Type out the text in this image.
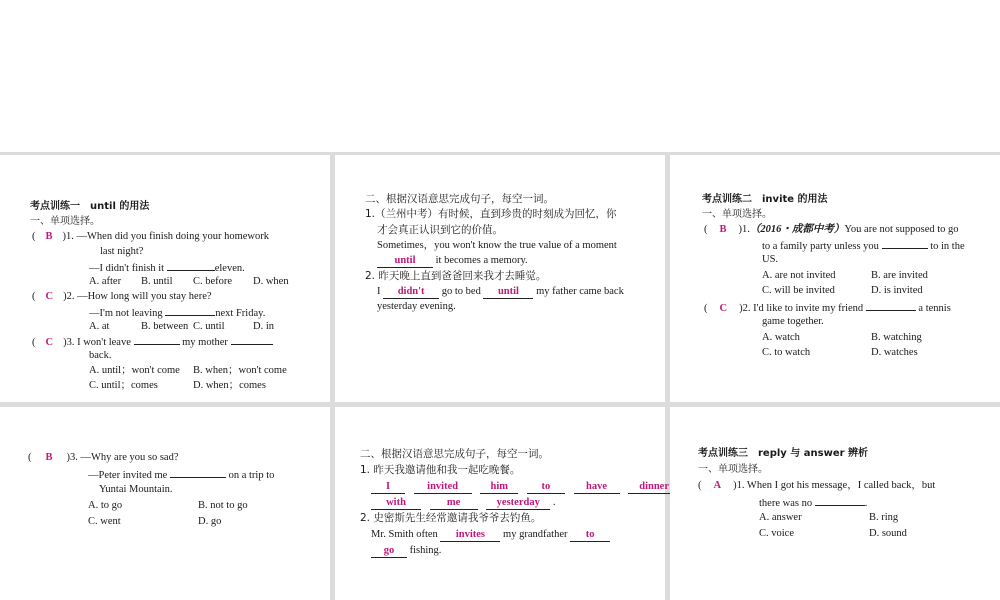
考点训练一　until 的用法
一、单项选择。
( B )1. —When did you finish doing your homework
last night?
—I didn't finish it	eleven.
A. after B. until C. before D. when
( C )2. —How long will you stay here?
—I'm not leaving	next Friday.
A. at	B. between C. until	D. in
( C )3. I won't leave	my mother
back.
A. until；won't come B. when；won't come
C. until；comes	D. when；comes
二、根据汉语意思完成句子，每空一词。
1.（兰州中考）有时候，直到珍贵的时刻成为回忆，你
才会真正认识到它的价值。
Sometimes，you won't know the true value of a moment
until it becomes a memory.
2. 昨天晚上直到爸爸回来我才去睡觉。
I didn't go to bed until my father came back
yesterday evening.
考点训练二　invite 的用法
一、单项选择。
( B )1.（2016・成都中考）You are not supposed to go
to a family party unless you	to in the
US.
A. are not invited	B. are invited
C. will be invited	D. is invited
( C )2. I'd like to invite my friend	a tennis
game together.
A. watch	B. watching
C. to watch	D. watches
( B )3. —Why are you so sad?
—Peter invited me	on a trip to
Yuntai Mountain.
A. to go	B. not to go
C. went	D. go
二、根据汉语意思完成句子，每空一词。
1. 昨天我邀请他和我一起吃晚餐。
I	invited	him	to	have	dinner
with	me	yesterday .
2. 史密斯先生经常邀请我爷爷去钓鱼。
Mr. Smith often invites my grandfather to
go fishing.
考点训练三　reply 与 answer 辨析
一、单项选择。
( A )1. When I got his message，I called back，but
there was no	.
A. answer	B. ring
C. voice	D. sound
